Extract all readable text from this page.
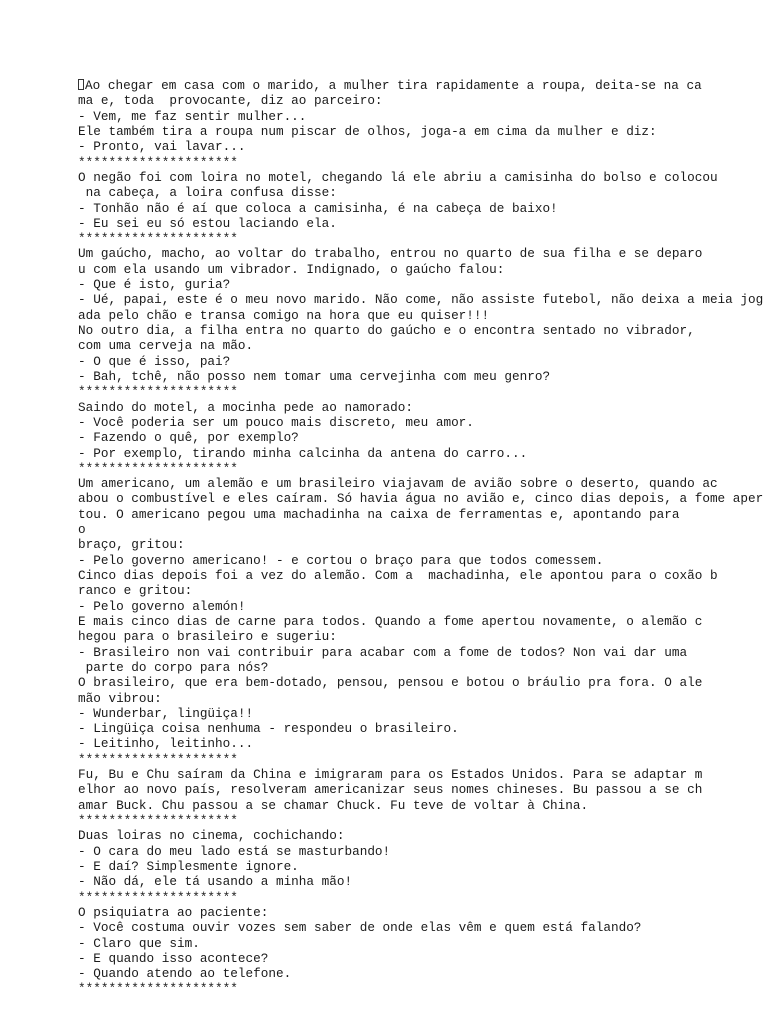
Ao chegar em casa com o marido, a mulher tira rapidamente a roupa, deita-se na ca
ma e, toda  provocante, diz ao parceiro:
- Vem, me faz sentir mulher...
Ele também tira a roupa num piscar de olhos, joga-a em cima da mulher e diz:
- Pronto, vai lavar...
*********************
O negão foi com loira no motel, chegando lá ele abriu a camisinha do bolso e colocou
na cabeça, a loira confusa disse:
- Tonhão não é aí que coloca a camisinha, é na cabeça de baixo!
- Eu sei eu só estou laciando ela.
*********************
Um gaúcho, macho, ao voltar do trabalho, entrou no quarto de sua filha e se deparo
u com ela usando um vibrador. Indignado, o gaúcho falou:
- Que é isto, guria?
- Ué, papai, este é o meu novo marido. Não come, não assiste futebol, não deixa a meia jog
ada pelo chão e transa comigo na hora que eu quiser!!!
No outro dia, a filha entra no quarto do gaúcho e o encontra sentado no vibrador,
com uma cerveja na mão.
- O que é isso, pai?
- Bah, tchê, não posso nem tomar uma cervejinha com meu genro?
*********************
Saindo do motel, a mocinha pede ao namorado:
- Você poderia ser um pouco mais discreto, meu amor.
- Fazendo o quê, por exemplo?
- Por exemplo, tirando minha calcinha da antena do carro...
*********************
Um americano, um alemão e um brasileiro viajavam de avião sobre o deserto, quando ac
abou o combustível e eles caíram. Só havia água no avião e, cinco dias depois, a fome aper
tou. O americano pegou uma machadinha na caixa de ferramentas e, apontando para
o
braço, gritou:
- Pelo governo americano! - e cortou o braço para que todos comessem.
Cinco dias depois foi a vez do alemão. Com a  machadinha, ele apontou para o coxão b
ranco e gritou:
- Pelo governo alemón!
E mais cinco dias de carne para todos. Quando a fome apertou novamente, o alemão c
hegou para o brasileiro e sugeriu:
- Brasileiro non vai contribuir para acabar com a fome de todos? Non vai dar uma
parte do corpo para nós?
O brasileiro, que era bem-dotado, pensou, pensou e botou o bráulio pra fora. O ale
mão vibrou:
- Wunderbar, lingüiça!!
- Lingüiça coisa nenhuma - respondeu o brasileiro.
- Leitinho, leitinho...
*********************
Fu, Bu e Chu saíram da China e imigraram para os Estados Unidos. Para se adaptar m
elhor ao novo país, resolveram americanizar seus nomes chineses. Bu passou a se ch
amar Buck. Chu passou a se chamar Chuck. Fu teve de voltar à China.
*********************
Duas loiras no cinema, cochichando:
- O cara do meu lado está se masturbando!
- E daí? Simplesmente ignore.
- Não dá, ele tá usando a minha mão!
*********************
O psiquiatra ao paciente:
- Você costuma ouvir vozes sem saber de onde elas vêm e quem está falando?
- Claro que sim.
- E quando isso acontece?
- Quando atendo ao telefone.
*********************
